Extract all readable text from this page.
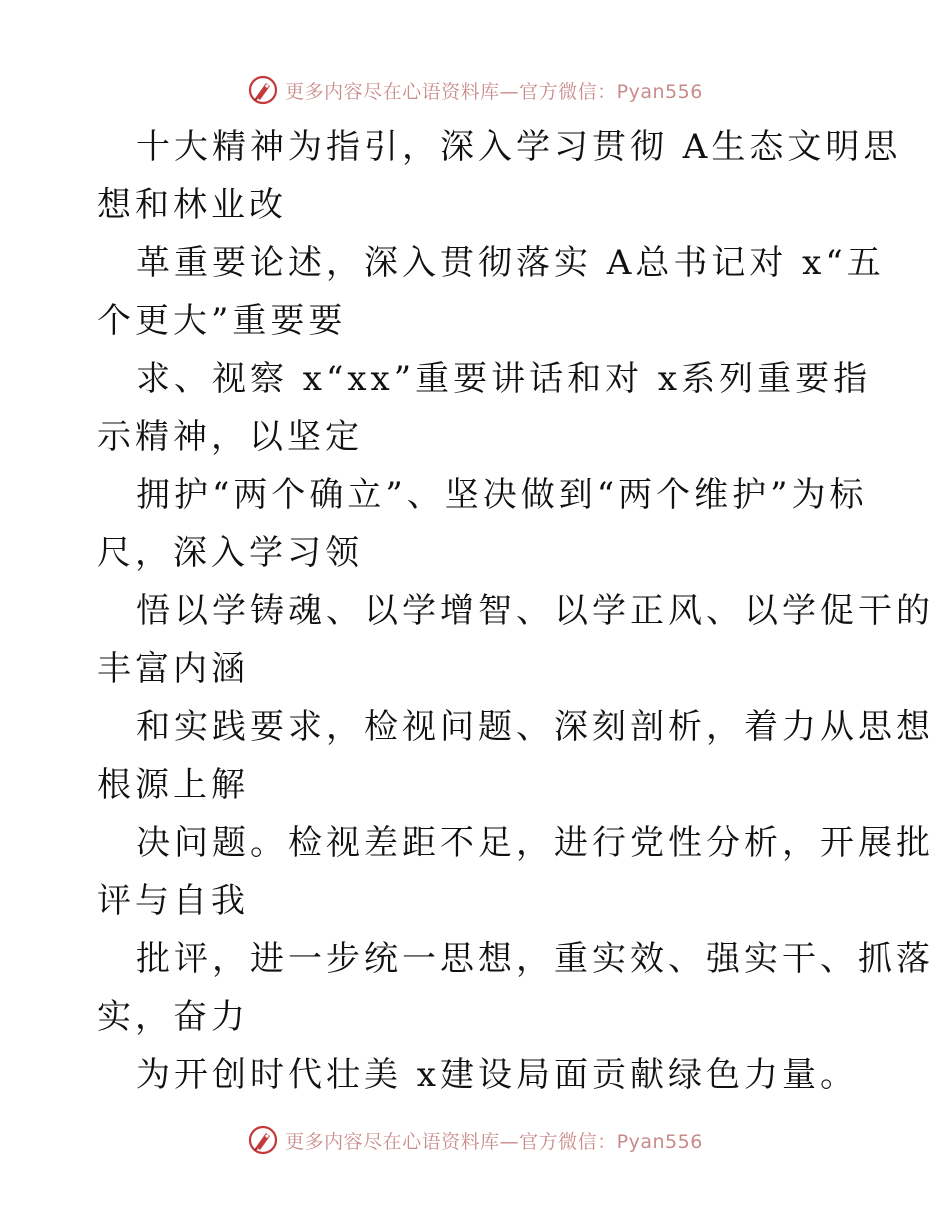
更多内容尽在心语资料库—官方微信：Pyan556
十大精神为指引，深入学习贯彻 A生态文明思
想和林业改
革重要论述，深入贯彻落实 A总书记对 x“五
个更大”重要要
求、视察 x“xx”重要讲话和对 x系列重要指
示精神，以坚定
拥护“两个确立”、坚决做到“两个维护”为标
尺，深入学习领
悟以学铸魂、以学增智、以学正风、以学促干的
丰富内涵
和实践要求，检视问题、深刻剖析，着力从思想
根源上解
决问题。检视差距不足，进行党性分析，开展批
评与自我
批评，进一步统一思想，重实效、强实干、抓落
实，奋力
为开创时代壮美 x建设局面贡献绿色力量。
更多内容尽在心语资料库—官方微信：Pyan556
